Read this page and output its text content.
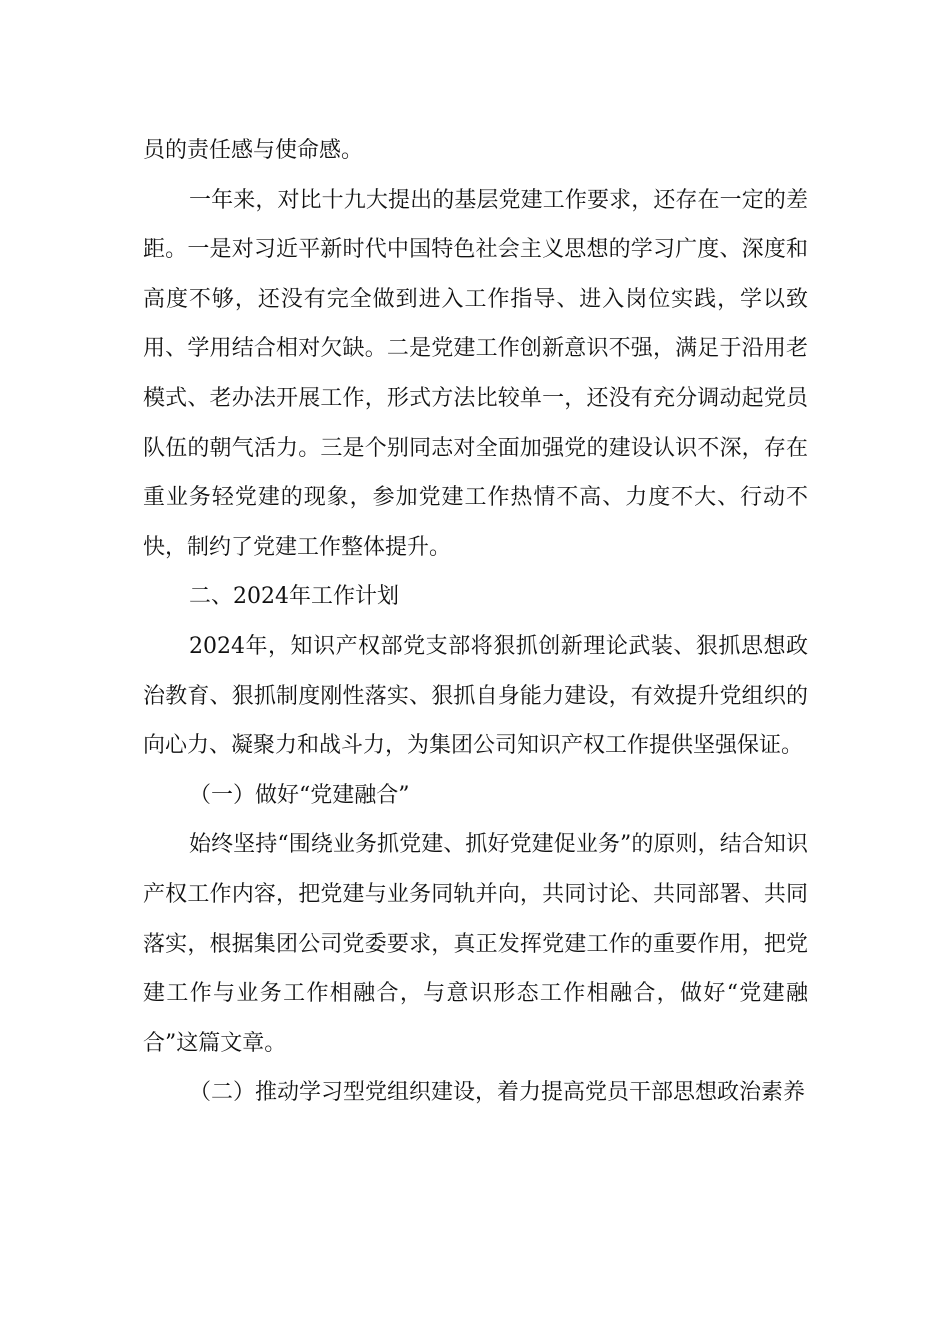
员的责任感与使命感。

一年来，对比十九大提出的基层党建工作要求，还存在一定的差距。一是对习近平新时代中国特色社会主义思想的学习广度、深度和高度不够，还没有完全做到进入工作指导、进入岗位实践，学以致用、学用结合相对欠缺。二是党建工作创新意识不强，满足于沿用老模式、老办法开展工作，形式方法比较单一，还没有充分调动起党员队伍的朝气活力。三是个别同志对全面加强党的建设认识不深，存在重业务轻党建的现象，参加党建工作热情不高、力度不大、行动不快，制约了党建工作整体提升。

二、2024年工作计划

2024年，知识产权部党支部将狠抓创新理论武装、狠抓思想政治教育、狠抓制度刚性落实、狠抓自身能力建设，有效提升党组织的向心力、凝聚力和战斗力，为集团公司知识产权工作提供坚强保证。

（一）做好“党建融合”

始终坚持“围绕业务抓党建、抓好党建促业务”的原则，结合知识产权工作内容，把党建与业务同轨并向，共同讨论、共同部署、共同落实，根据集团公司党委要求，真正发挥党建工作的重要作用，把党建工作与业务工作相融合，与意识形态工作相融合，做好“党建融合”这篇文章。

（二）推动学习型党组织建设，着力提高党员干部思想政治素养
